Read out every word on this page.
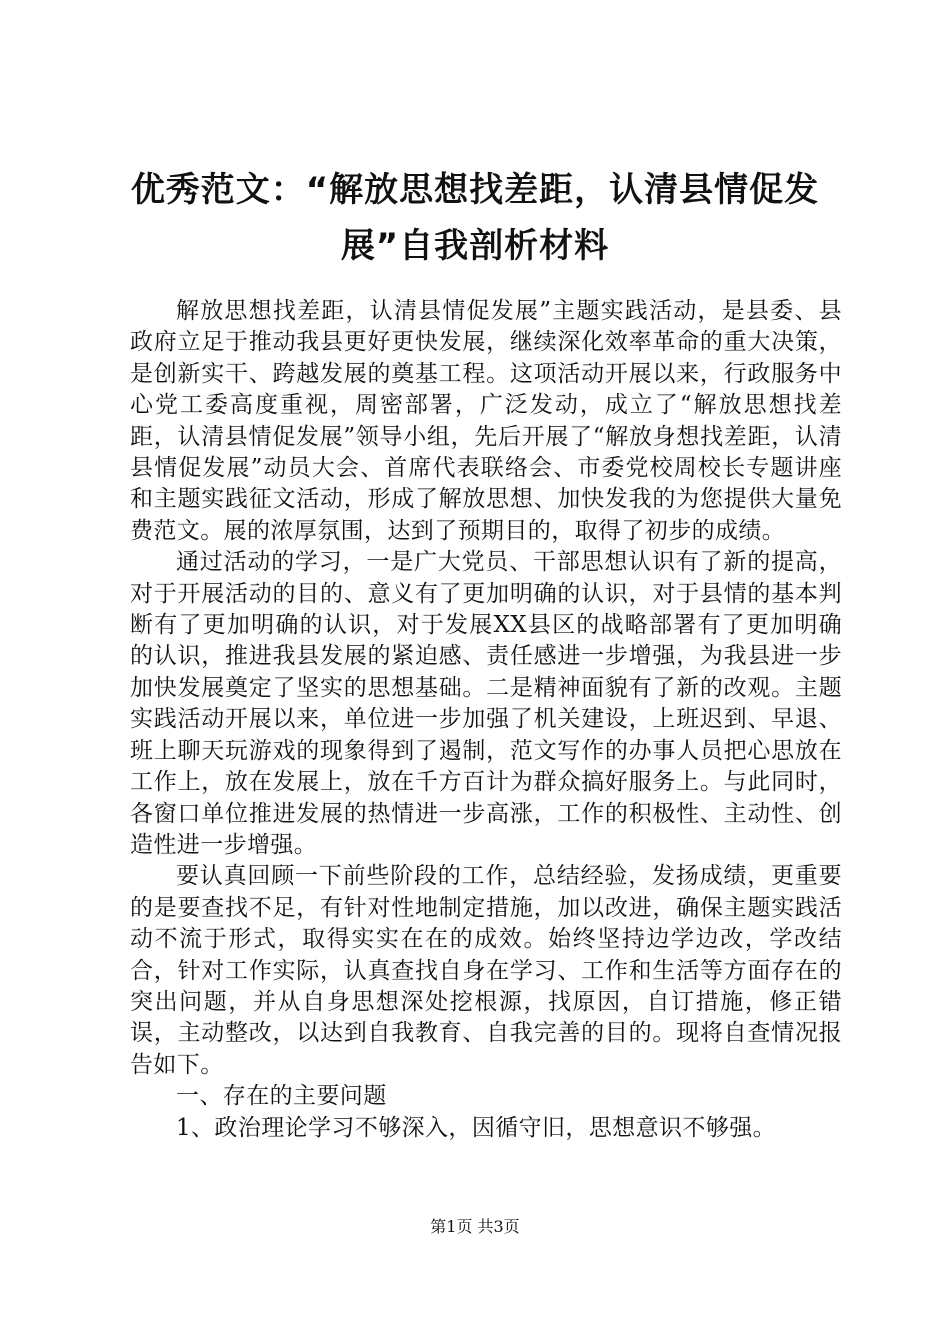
优秀范文：“解放思想找差距，认清县情促发展”自我剖析材料

解放思想找差距，认清县情促发展”主题实践活动，是县委、县政府立足于推动我县更好更快发展，继续深化效率革命的重大决策，是创新实干、跨越发展的奠基工程。这项活动开展以来，行政服务中心党工委高度重视，周密部署，广泛发动，成立了“解放思想找差距，认清县情促发展”领导小组，先后开展了“解放身想找差距，认清县情促发展”动员大会、首席代表联络会、市委党校周校长专题讲座和主题实践征文活动，形成了解放思想、加快发我的为您提供大量免费范文。展的浓厚氛围，达到了预期目的，取得了初步的成绩。

通过活动的学习，一是广大党员、干部思想认识有了新的提高，对于开展活动的目的、意义有了更加明确的认识，对于县情的基本判断有了更加明确的认识，对于发展XX县区的战略部署有了更加明确的认识，推进我县发展的紧迫感、责任感进一步增强，为我县进一步加快发展奠定了坚实的思想基础。二是精神面貌有了新的改观。主题实践活动开展以来，单位进一步加强了机关建设，上班迟到、早退、班上聊天玩游戏的现象得到了遏制，范文写作的办事人员把心思放在工作上，放在发展上，放在千方百计为群众搞好服务上。与此同时，各窗口单位推进发展的热情进一步高涨，工作的积极性、主动性、创造性进一步增强。

要认真回顾一下前些阶段的工作，总结经验，发扬成绩，更重要的是要查找不足，有针对性地制定措施，加以改进，确保主题实践活动不流于形式，取得实实在在的成效。始终坚持边学边改，学改结合，针对工作实际，认真查找自身在学习、工作和生活等方面存在的突出问题，并从自身思想深处挖根源，找原因，自订措施，修正错误，主动整改，以达到自我教育、自我完善的目的。现将自查情况报告如下。

一、存在的主要问题

1、政治理论学习不够深入，因循守旧，思想意识不够强。

第1页 共3页
